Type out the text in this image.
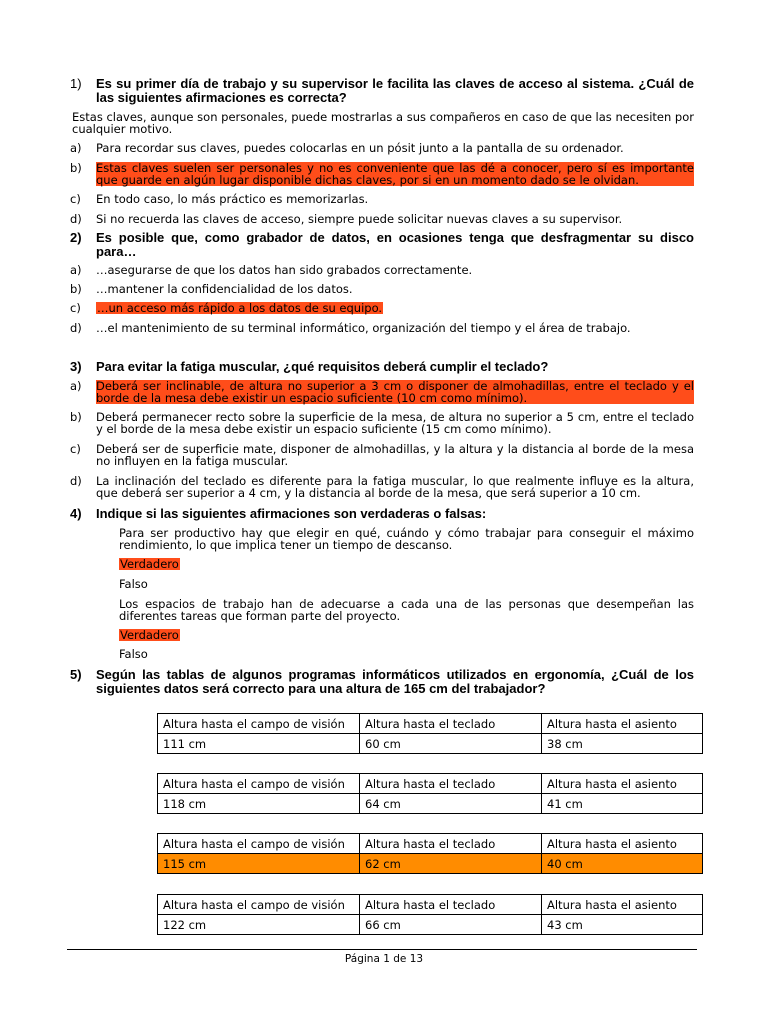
1) Es su primer día de trabajo y su supervisor le facilita las claves de acceso al sistema. ¿Cuál de las siguientes afirmaciones es correcta?
Estas claves, aunque son personales, puede mostrarlas a sus compañeros en caso de que las necesiten por cualquier motivo.
a) Para recordar sus claves, puedes colocarlas en un pósit junto a la pantalla de su ordenador.
b) Estas claves suelen ser personales y no es conveniente que las dé a conocer, pero sí es importante que guarde en algún lugar disponible dichas claves, por si en un momento dado se le olvidan.
c) En todo caso, lo más práctico es memorizarlas.
d) Si no recuerda las claves de acceso, siempre puede solicitar nuevas claves a su supervisor.
2) Es posible que, como grabador de datos, en ocasiones tenga que desfragmentar su disco para…
a) …asegurarse de que los datos han sido grabados correctamente.
b) …mantener la confidencialidad de los datos.
c) …un acceso más rápido a los datos de su equipo.
d) …el mantenimiento de su terminal informático, organización del tiempo y el área de trabajo.
3) Para evitar la fatiga muscular, ¿qué requisitos deberá cumplir el teclado?
a) Deberá ser inclinable, de altura no superior a 3 cm o disponer de almohadillas, entre el teclado y el borde de la mesa debe existir un espacio suficiente (10 cm como mínimo).
b) Deberá permanecer recto sobre la superficie de la mesa, de altura no superior a 5 cm, entre el teclado y el borde de la mesa debe existir un espacio suficiente (15 cm como mínimo).
c) Deberá ser de superficie mate, disponer de almohadillas, y la altura y la distancia al borde de la mesa no influyen en la fatiga muscular.
d) La inclinación del teclado es diferente para la fatiga muscular, lo que realmente influye es la altura, que deberá ser superior a 4 cm, y la distancia al borde de la mesa, que será superior a 10 cm.
4) Indique si las siguientes afirmaciones son verdaderas o falsas:
Para ser productivo hay que elegir en qué, cuándo y cómo trabajar para conseguir el máximo rendimiento, lo que implica tener un tiempo de descanso.
Verdadero
Falso
Los espacios de trabajo han de adecuarse a cada una de las personas que desempeñan las diferentes tareas que forman parte del proyecto.
Verdadero
Falso
5) Según las tablas de algunos programas informáticos utilizados en ergonomía, ¿Cuál de los siguientes datos será correcto para una altura de 165 cm del trabajador?
Altura hasta el campo de visión	Altura hasta el teclado	Altura hasta el asiento
111 cm	60 cm	38 cm
Altura hasta el campo de visión	Altura hasta el teclado	Altura hasta el asiento
118 cm	64 cm	41 cm
Altura hasta el campo de visión	Altura hasta el teclado	Altura hasta el asiento
115 cm	62 cm	40 cm
Altura hasta el campo de visión	Altura hasta el teclado	Altura hasta el asiento
122 cm	66 cm	43 cm
Página 1 de 13
